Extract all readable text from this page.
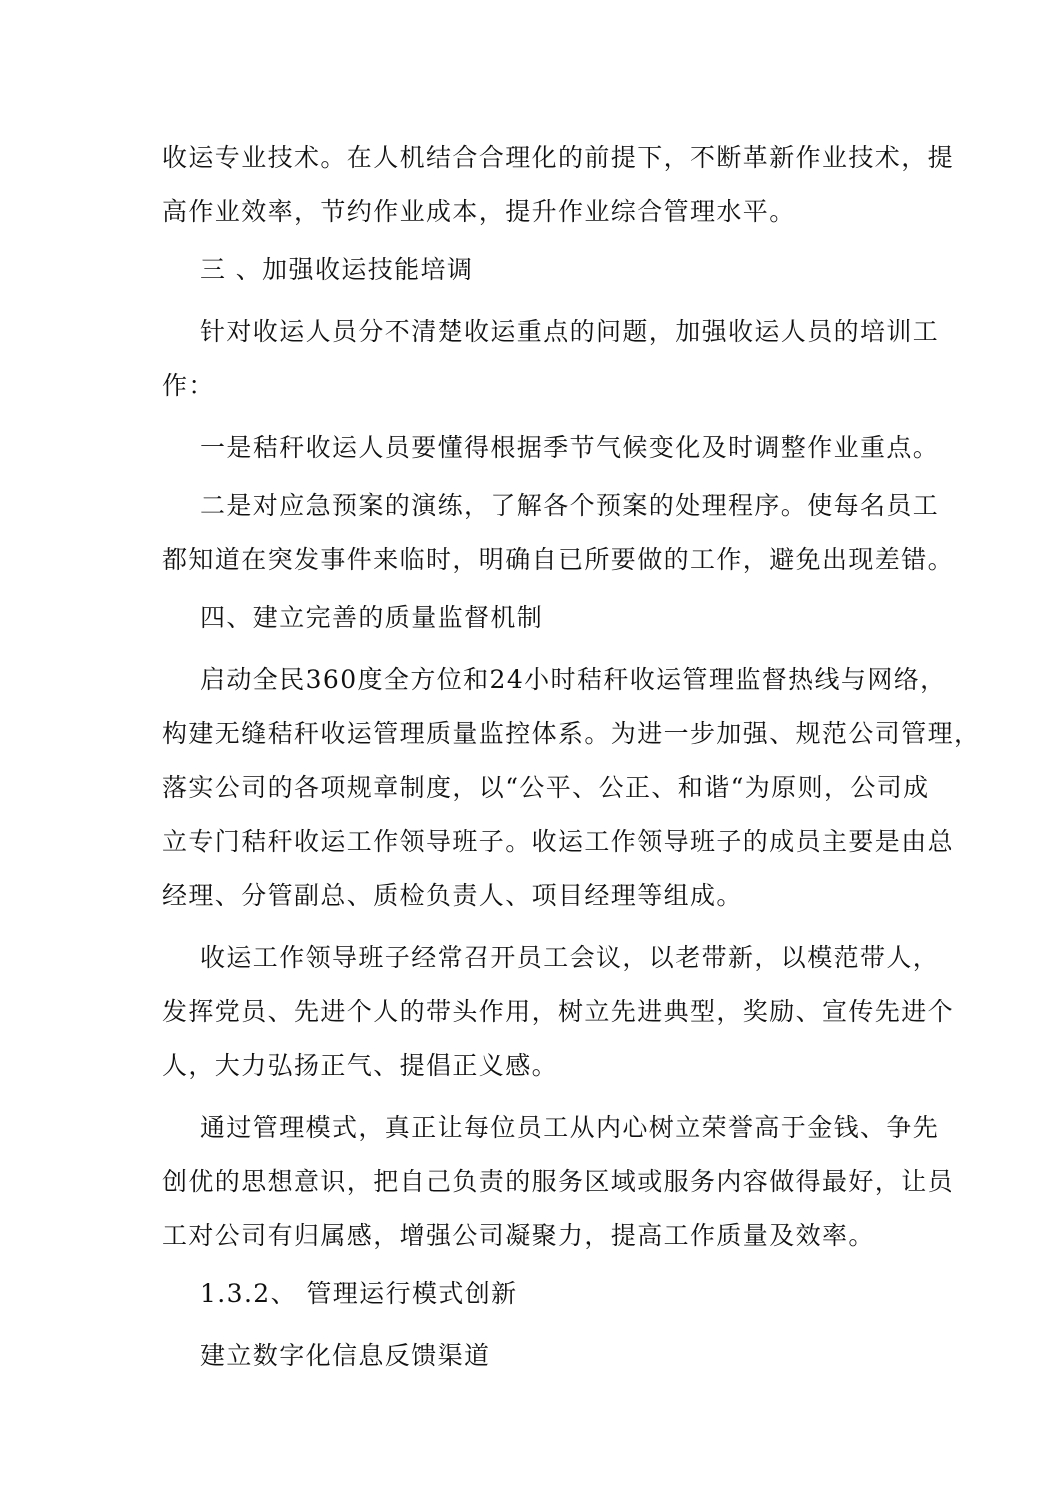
收运专业技术。在人机结合合理化的前提下，不断革新作业技术，提
高作业效率，节约作业成本，提升作业综合管理水平。
三 、加强收运技能培调
针对收运人员分不清楚收运重点的问题，加强收运人员的培训工
作：
一是秸秆收运人员要懂得根据季节气候变化及时调整作业重点。
二是对应急预案的演练，了解各个预案的处理程序。使每名员工
都知道在突发事件来临时，明确自已所要做的工作，避免出现差错。
四、建立完善的质量监督机制
启动全民360度全方位和24小时秸秆收运管理监督热线与网络，
构建无缝秸秆收运管理质量监控体系。为进一步加强、规范公司管理，
落实公司的各项规章制度，以“公平、公正、和谐“为原则，公司成
立专门秸秆收运工作领导班子。收运工作领导班子的成员主要是由总
经理、分管副总、质检负责人、项目经理等组成。
收运工作领导班子经常召开员工会议，以老带新，以模范带人，
发挥党员、先进个人的带头作用，树立先进典型，奖励、宣传先进个
人，大力弘扬正气、提倡正义感。
通过管理模式，真正让每位员工从内心树立荣誉高于金钱、争先
创优的思想意识，把自己负责的服务区域或服务内容做得最好，让员
工对公司有归属感，增强公司凝聚力，提高工作质量及效率。
1.3.2、 管理运行模式创新
建立数字化信息反馈渠道
